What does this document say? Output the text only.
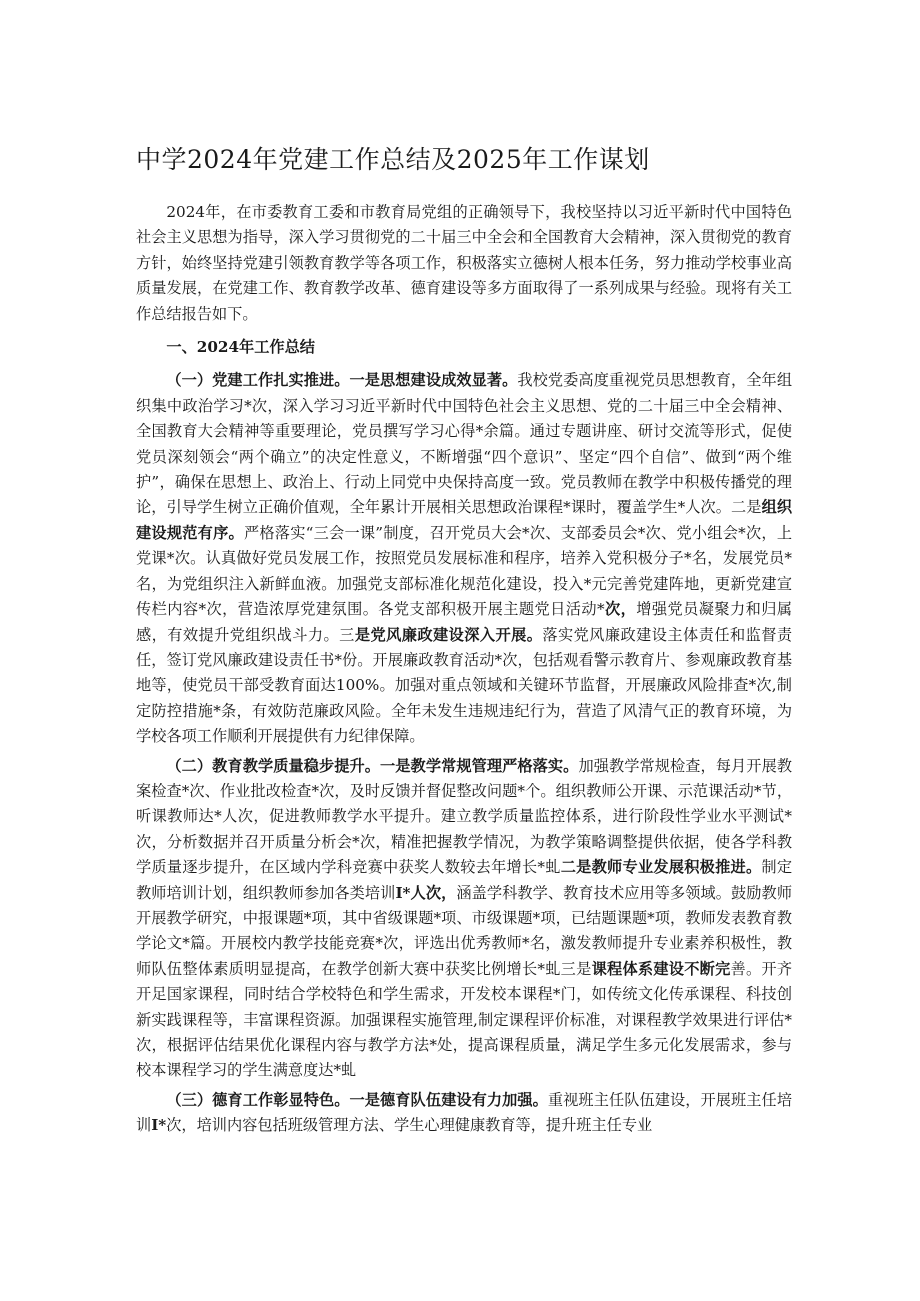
中学2024年党建工作总结及2025年工作谋划

2024年，在市委教育工委和市教育局党组的正确领导下，我校坚持以习近平新时代中国特色社会主义思想为指导，深入学习贯彻党的二十届三中全会和全国教育大会精神，深入贯彻党的教育方针，始终坚持党建引领教育教学等各项工作，积极落实立德树人根本任务，努力推动学校事业高质量发展，在党建工作、教育教学改革、德育建设等多方面取得了一系列成果与经验。现将有关工作总结报告如下。

一、2024年工作总结

（一）党建工作扎实推进。一是思想建设成效显著。我校党委高度重视党员思想教育，全年组织集中政治学习*次，深入学习习近平新时代中国特色社会主义思想、党的二十届三中全会精神、全国教育大会精神等重要理论，党员撰写学习心得*余篇。通过专题讲座、研讨交流等形式，促使党员深刻领会“两个确立”的决定性意义，不断增强“四个意识”、坚定“四个自信”、做到“两个维护”，确保在思想上、政治上、行动上同党中央保持高度一致。党员教师在教学中积极传播党的理论，引导学生树立正确价值观，全年累计开展相关思想政治课程*课时，覆盖学生*人次。二是组织建设规范有序。严格落实“三会一课”制度，召开党员大会*次、支部委员会*次、党小组会*次，上党课*次。认真做好党员发展工作，按照党员发展标准和程序，培养入党积极分子*名，发展党员*名，为党组织注入新鲜血液。加强党支部标准化规范化建设，投入*元完善党建阵地，更新党建宣传栏内容*次，营造浓厚党建氛围。各党支部积极开展主题党日活动*次，增强党员凝聚力和归属感，有效提升党组织战斗力。三是党风廉政建设深入开展。落实党风廉政建设主体责任和监督责任，签订党风廉政建设责任书*份。开展廉政教育活动*次，包括观看警示教育片、参观廉政教育基地等，使党员干部受教育面达100%。加强对重点领域和关键环节监督，开展廉政风险排查*次,制定防控措施*条，有效防范廉政风险。全年未发生违规违纪行为，营造了风清气正的教育环境，为学校各项工作顺利开展提供有力纪律保障。

（二）教育教学质量稳步提升。一是教学常规管理严格落实。加强教学常规检查，每月开展教案检查*次、作业批改检查*次，及时反馈并督促整改问题*个。组织教师公开课、示范课活动*节，听课教师达*人次，促进教师教学水平提升。建立教学质量监控体系，进行阶段性学业水平测试*次，分析数据并召开质量分析会*次，精准把握教学情况，为教学策略调整提供依据，使各学科教学质量逐步提升，在区域内学科竞赛中获奖人数较去年增长*虬二是教师专业发展积极推进。制定教师培训计划，组织教师参加各类培训I*人次，涵盖学科教学、教育技术应用等多领域。鼓励教师开展教学研究，中报课题*项，其中省级课题*项、市级课题*项，已结题课题*项，教师发表教育教学论文*篇。开展校内教学技能竞赛*次，评选出优秀教师*名，激发教师提升专业素养积极性，教师队伍整体素质明显提高，在教学创新大赛中获奖比例增长*虬三是课程体系建设不断完善。开齐开足国家课程，同时结合学校特色和学生需求，开发校本课程*门，如传统文化传承课程、科技创新实践课程等，丰富课程资源。加强课程实施管理,制定课程评价标准，对课程教学效果进行评估*次，根据评估结果优化课程内容与教学方法*处，提高课程质量，满足学生多元化发展需求，参与校本课程学习的学生满意度达*虬

（三）德育工作彰显特色。一是德育队伍建设有力加强。重视班主任队伍建设，开展班主任培训I*次，培训内容包括班级管理方法、学生心理健康教育等，提升班主任专业
